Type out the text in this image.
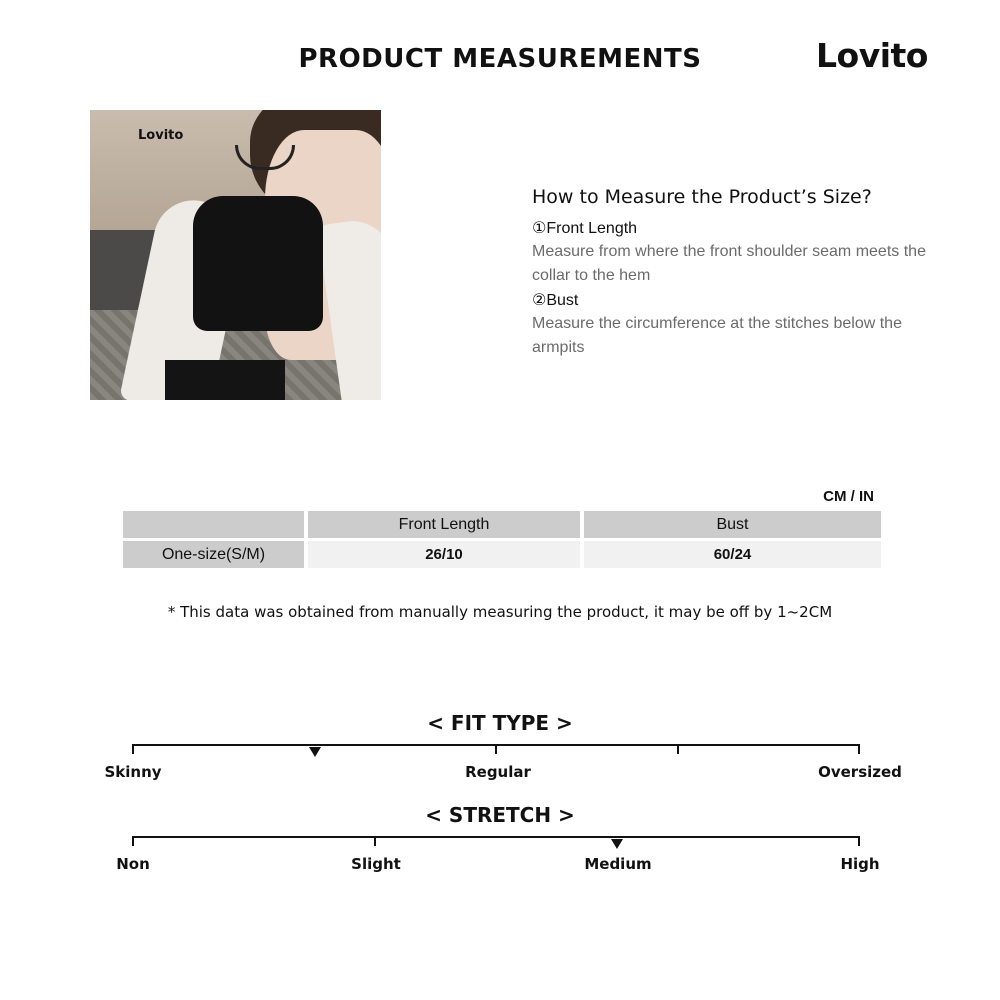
PRODUCT MEASUREMENTS	Lovito
Lovito
How to Measure the Product’s Size?
①Front Length
Measure from where the front shoulder seam meets the collar to the hem
②Bust
Measure the circumference at the stitches below the armpits
CM / IN
	Front Length	Bust
One-size(S/M)	26/10	60/24
* This data was obtained from manually measuring the product, it may be off by 1~2CM
< FIT TYPE >
Skinny	Regular	Oversized
< STRETCH >
Non	Slight	Medium	High
